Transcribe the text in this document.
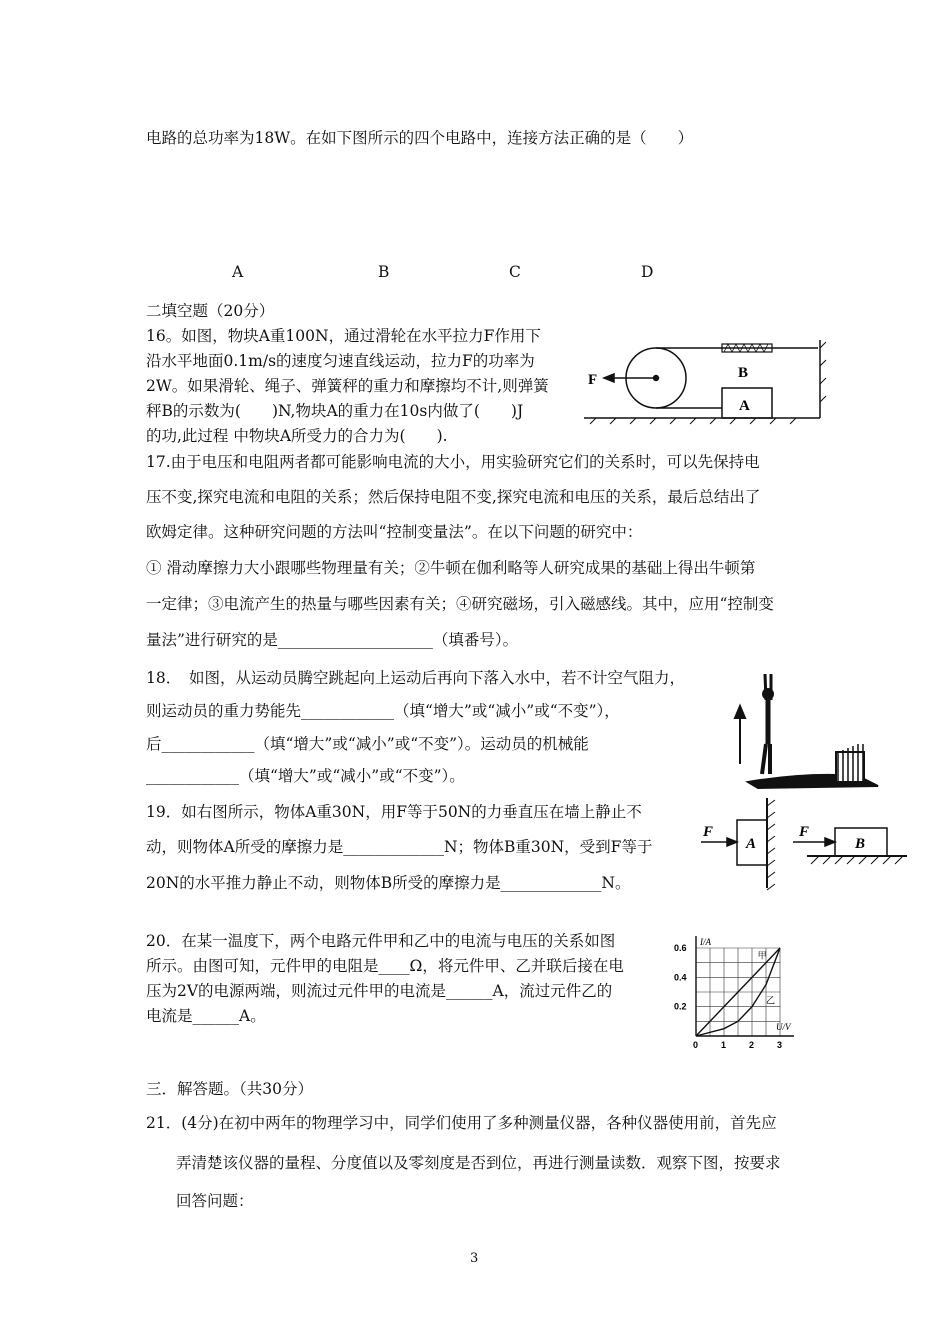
电路的总功率为18W。在如下图所示的四个电路中，连接方法正确的是（　　）
A	B	C	D
二填空题（20分）
16。如图，物块A重100N，通过滑轮在水平拉力F作用下
沿水平地面0.1m/s的速度匀速直线运动，拉力F的功率为
2W。如果滑轮、绳子、弹簧秤的重力和摩擦均不计,则弹簧
秤B的示数为(　　)N,物块A的重力在10s内做了(　　)J
的功,此过程 中物块A所受力的合力为(　　).
F	B
A
17.由于电压和电阻两者都可能影响电流的大小，用实验研究它们的关系时，可以先保持电
压不变,探究电流和电阻的关系；然后保持电阻不变,探究电流和电压的关系，最后总结出了
欧姆定律。这种研究问题的方法叫“控制变量法”。在以下问题的研究中：
① 滑动摩擦力大小跟哪些物理量有关；②牛顿在伽利略等人研究成果的基础上得出牛顿第
一定律；③电流产生的热量与哪些因素有关；④研究磁场，引入磁感线。其中，应用“控制变
量法”进行研究的是____________________（填番号）。
18．　如图，从运动员腾空跳起向上运动后再向下落入水中，若不计空气阻力，
则运动员的重力势能先____________（填“增大”或“减小”或“不变”），
后____________（填“增大”或“减小”或“不变”）。运动员的机械能
____________（填“增大”或“减小”或“不变”）。
19．如右图所示，物体A重30N，用F等于50N的力垂直压在墙上静止不
动，则物体A所受的摩擦力是_____________N；物体B重30N，受到F等于
20N的水平推力静止不动，则物体B所受的摩擦力是_____________N。
F
A
F
B
20．在某一温度下，两个电路元件甲和乙中的电流与电压的关系如图
所示。由图可知，元件甲的电阻是____Ω，将元件甲、乙并联后接在电
压为2V的电源两端，则流过元件甲的电流是______A，流过元件乙的
电流是______A。
0	1	2	3
0.2
0.4
0.6
U/V
I/A
甲
乙
三．解答题。（共30分）
21．(4分)在初中两年的物理学习中，同学们使用了多种测量仪器，各种仪器使用前，首先应
弄清楚该仪器的量程、分度值以及零刻度是否到位，再进行测量读数．观察下图，按要求
回答问题：
3
